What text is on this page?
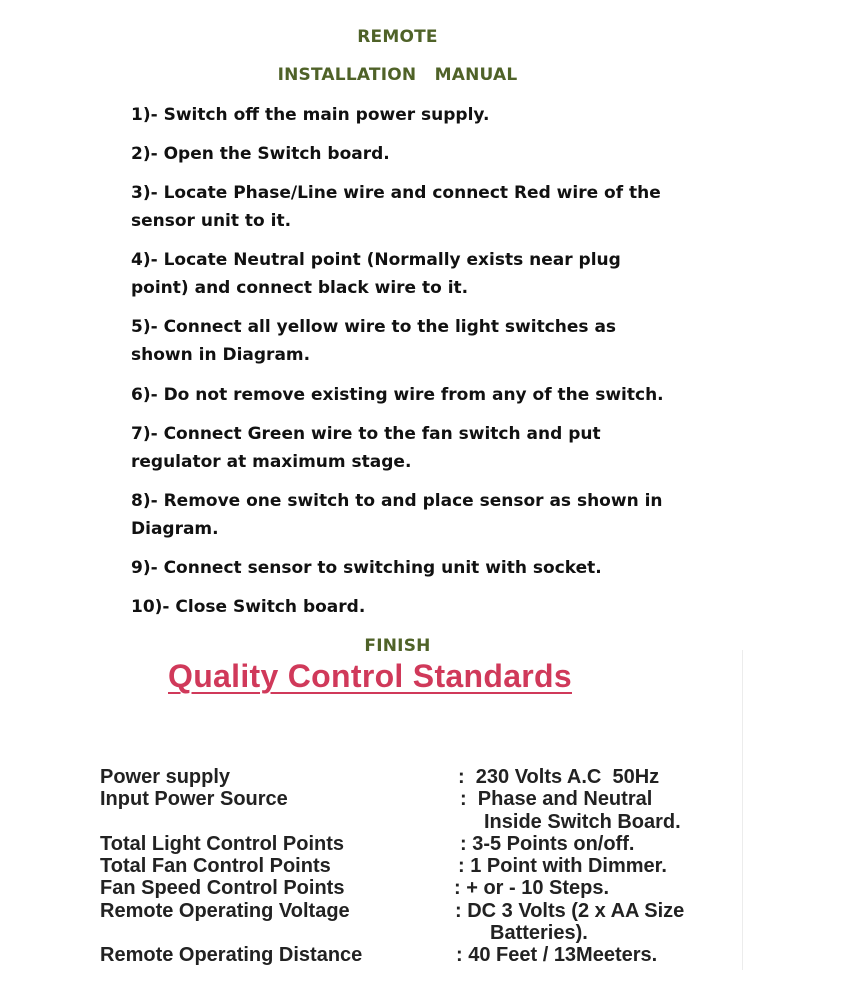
REMOTE
INSTALLATION   MANUAL
1)- Switch off the main power supply.
2)- Open the Switch board.
3)- Locate Phase/Line wire and connect Red wire of the
sensor unit to it.
4)- Locate Neutral point (Normally exists near plug
point) and connect black wire to it.
5)- Connect all yellow wire to the light switches as
shown in Diagram.
6)- Do not remove existing wire from any of the switch.
7)- Connect Green wire to the fan switch and put
regulator at maximum stage.
8)- Remove one switch to and place sensor as shown in
Diagram.
9)- Connect sensor to switching unit with socket.
10)- Close Switch board.
FINISH
Quality Control Standards
Power supply	:  230 Volts A.C  50Hz
Input Power Source	:  Phase and Neutral
Inside Switch Board.
Total Light Control Points	: 3-5 Points on/off.
Total Fan Control Points	: 1 Point with Dimmer.
Fan Speed Control Points	: + or - 10 Steps.
Remote Operating Voltage	: DC 3 Volts (2 x AA Size
Batteries).
Remote Operating Distance	: 40 Feet / 13Meeters.
